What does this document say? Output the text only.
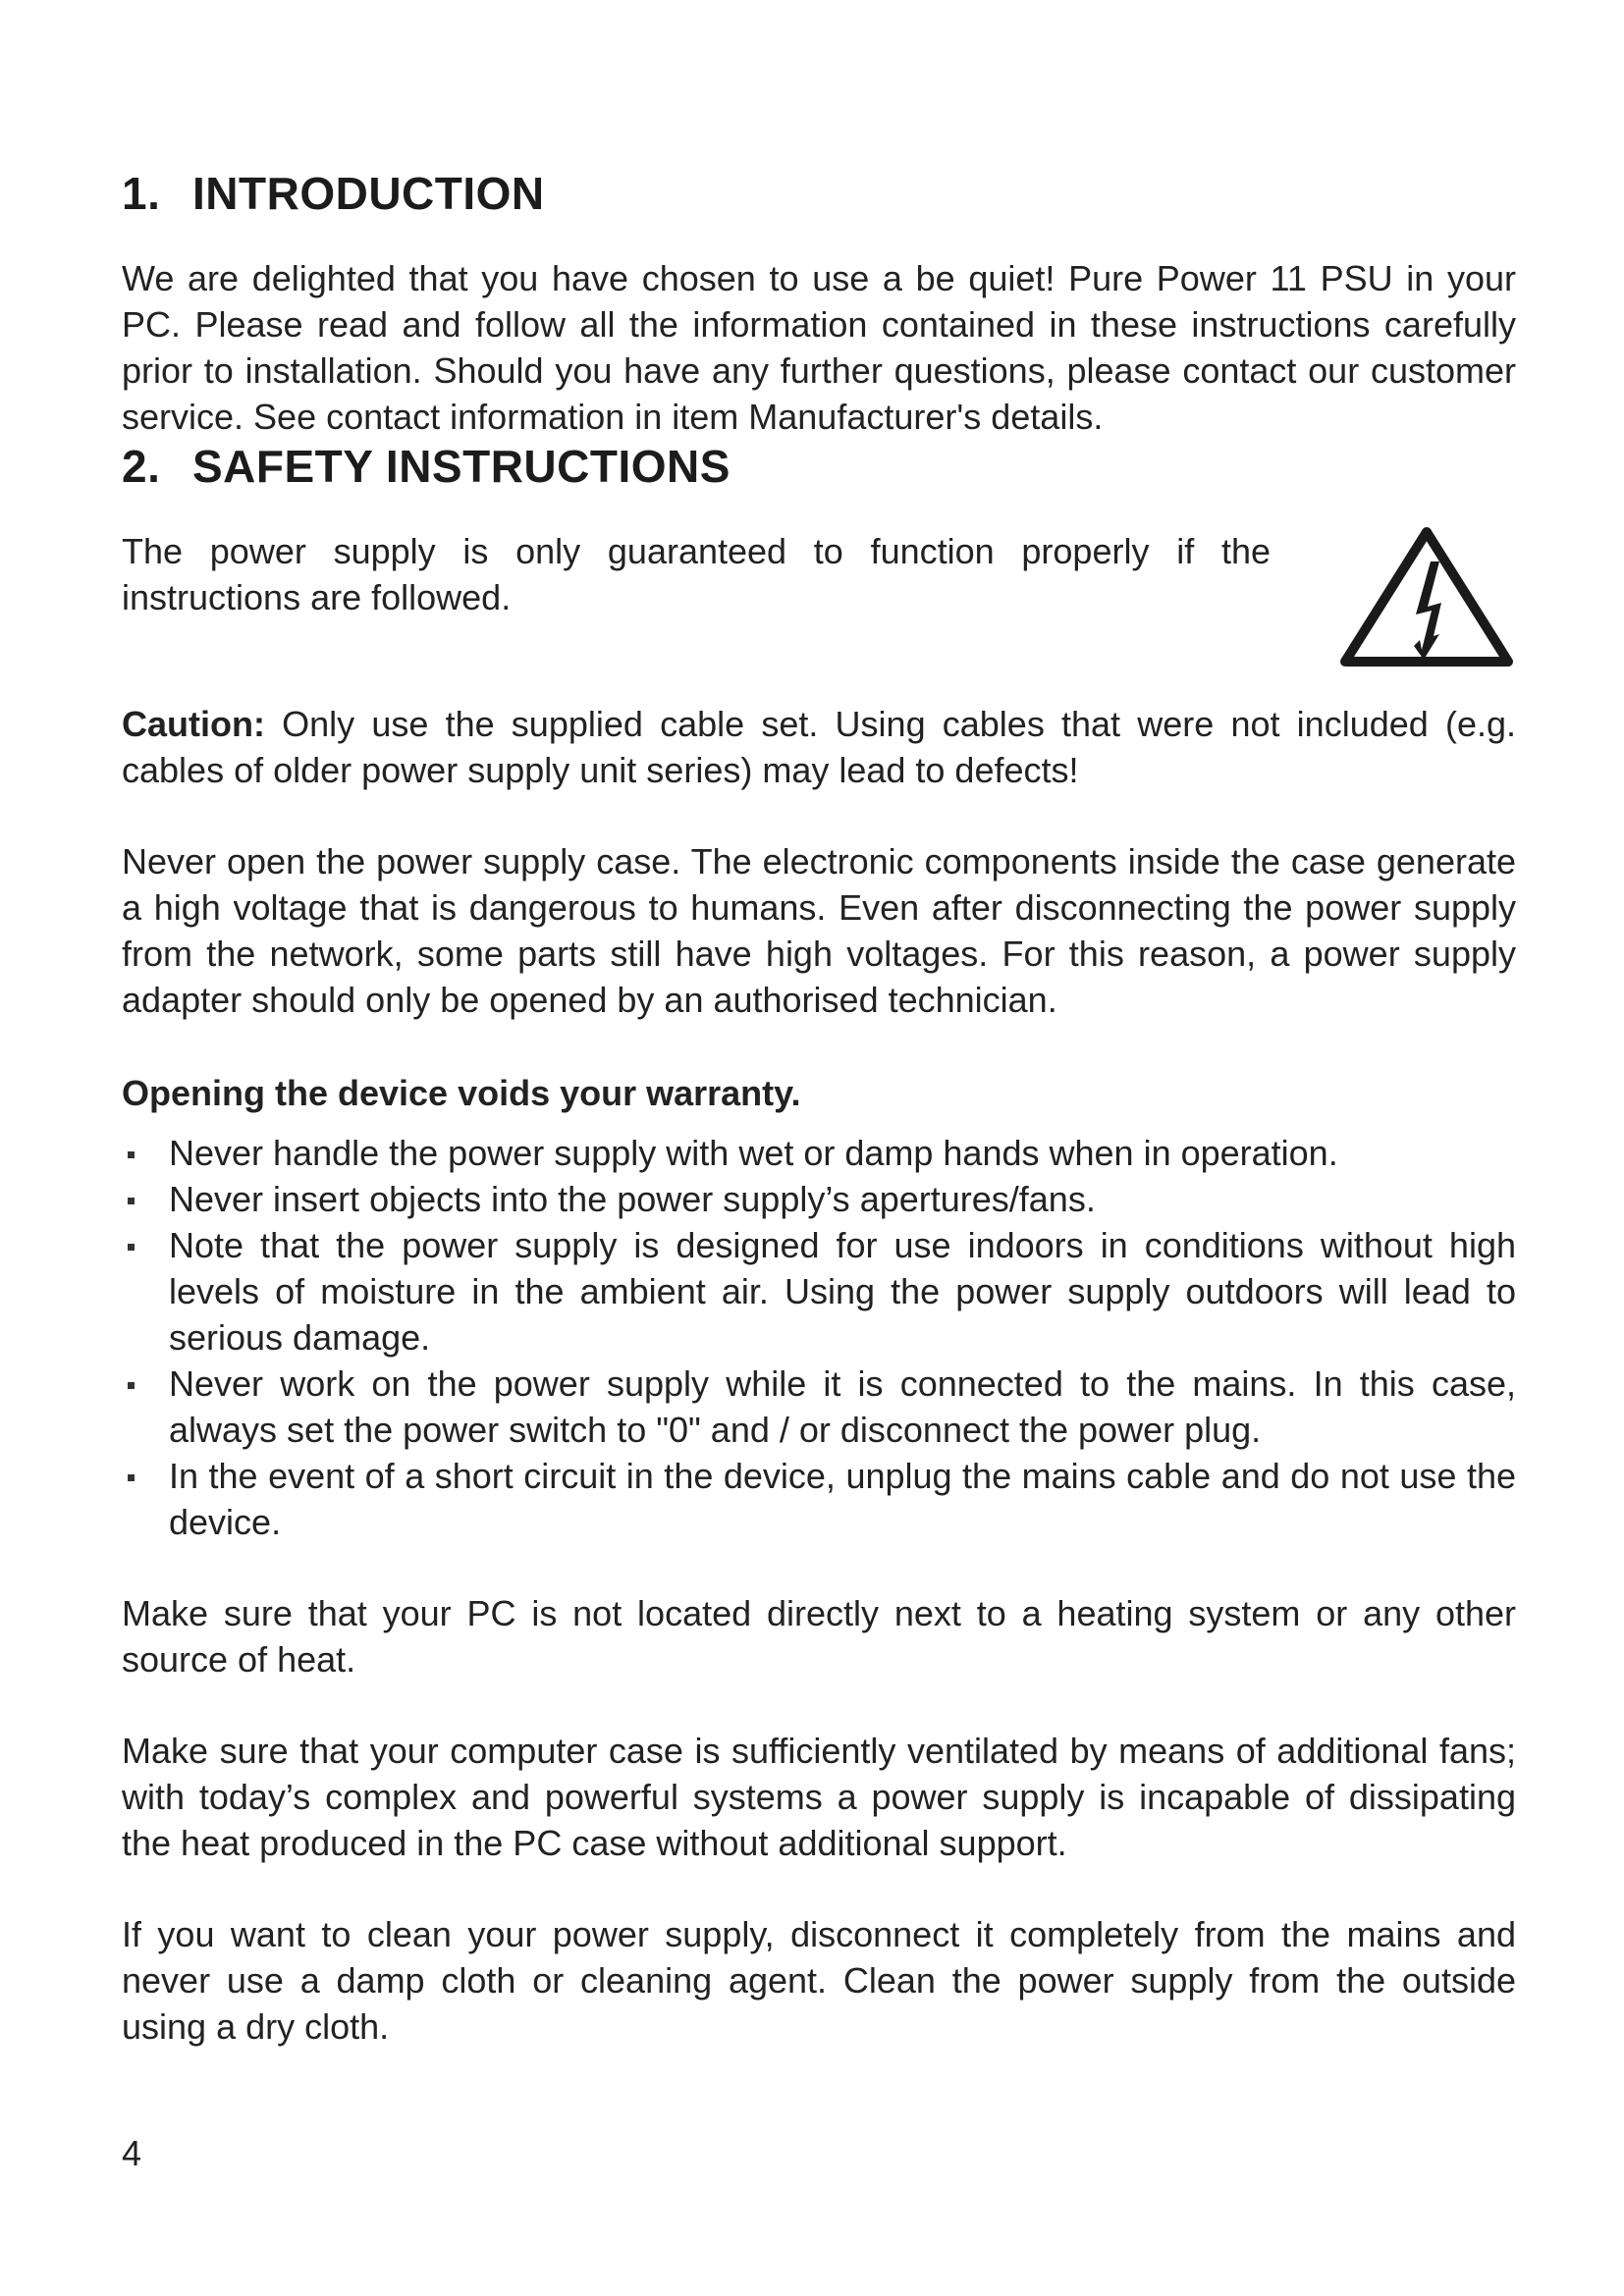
1. INTRODUCTION

We are delighted that you have chosen to use a be quiet! Pure Power 11 PSU in your PC. Please read and follow all the information contained in these instructions carefully prior to installation. Should you have any further questions, please contact our customer service. See contact information in item Manufacturer's details.

2. SAFETY INSTRUCTIONS

The power supply is only guaranteed to function properly if the instructions are followed.

Caution: Only use the supplied cable set. Using cables that were not included (e.g. cables of older power supply unit series) may lead to defects!

Never open the power supply case. The electronic components inside the case generate a high voltage that is dangerous to humans. Even after disconnecting the power supply from the network, some parts still have high voltages. For this reason, a power supply adapter should only be opened by an authorised technician.

Opening the device voids your warranty.
Never handle the power supply with wet or damp hands when in operation.
Never insert objects into the power supply’s apertures/fans.
Note that the power supply is designed for use indoors in conditions without high levels of moisture in the ambient air. Using the power supply outdoors will lead to serious damage.
Never work on the power supply while it is connected to the mains. In this case, always set the power switch to "0" and / or disconnect the power plug.
In the event of a short circuit in the device, unplug the mains cable and do not use the device.

Make sure that your PC is not located directly next to a heating system or any other source of heat.

Make sure that your computer case is sufficiently ventilated by means of additional fans; with today’s complex and powerful systems a power supply is incapable of dissipating the heat produced in the PC case without additional support.

If you want to clean your power supply, disconnect it completely from the mains and never use a damp cloth or cleaning agent. Clean the power supply from the outside using a dry cloth.

4
